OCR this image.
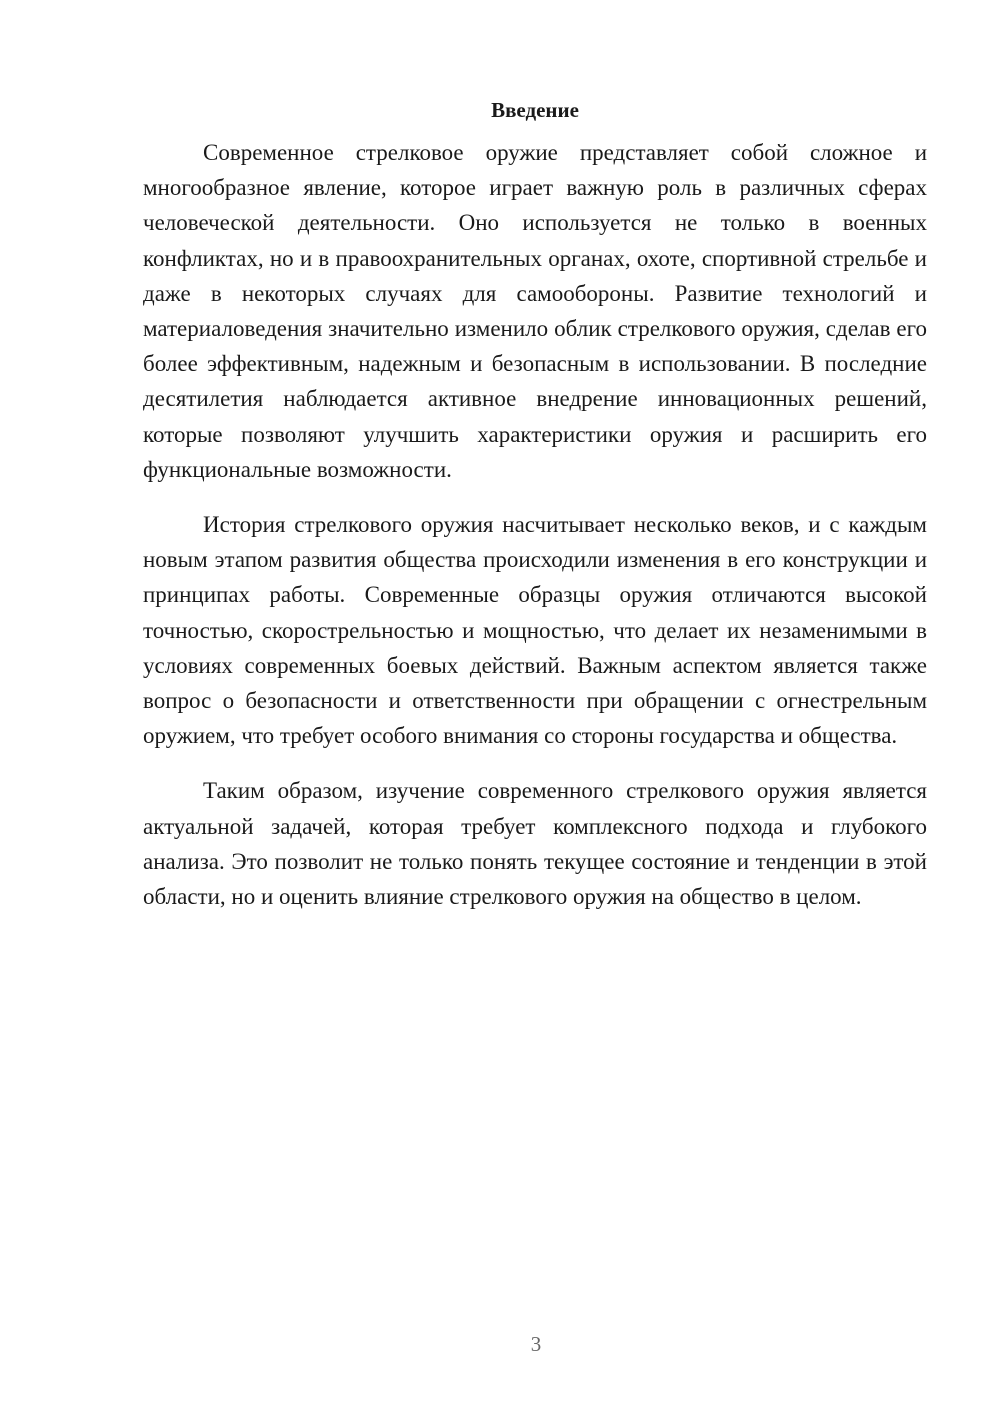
Введение

Современное стрелковое оружие представляет собой сложное и многообразное явление, которое играет важную роль в различных сферах человеческой деятельности. Оно используется не только в военных конфликтах, но и в правоохранительных органах, охоте, спортивной стрельбе и даже в некоторых случаях для самообороны. Развитие технологий и материаловедения значительно изменило облик стрелкового оружия, сделав его более эффективным, надежным и безопасным в использовании. В последние десятилетия наблюдается активное внедрение инновационных решений, которые позволяют улучшить характеристики оружия и расширить его функциональные возможности.

История стрелкового оружия насчитывает несколько веков, и с каждым новым этапом развития общества происходили изменения в его конструкции и принципах работы. Современные образцы оружия отличаются высокой точностью, скорострельностью и мощностью, что делает их незаменимыми в условиях современных боевых действий. Важным аспектом является также вопрос о безопасности и ответственности при обращении с огнестрельным оружием, что требует особого внимания со стороны государства и общества.

Таким образом, изучение современного стрелкового оружия является актуальной задачей, которая требует комплексного подхода и глубокого анализа. Это позволит не только понять текущее состояние и тенденции в этой области, но и оценить влияние стрелкового оружия на общество в целом.

3
